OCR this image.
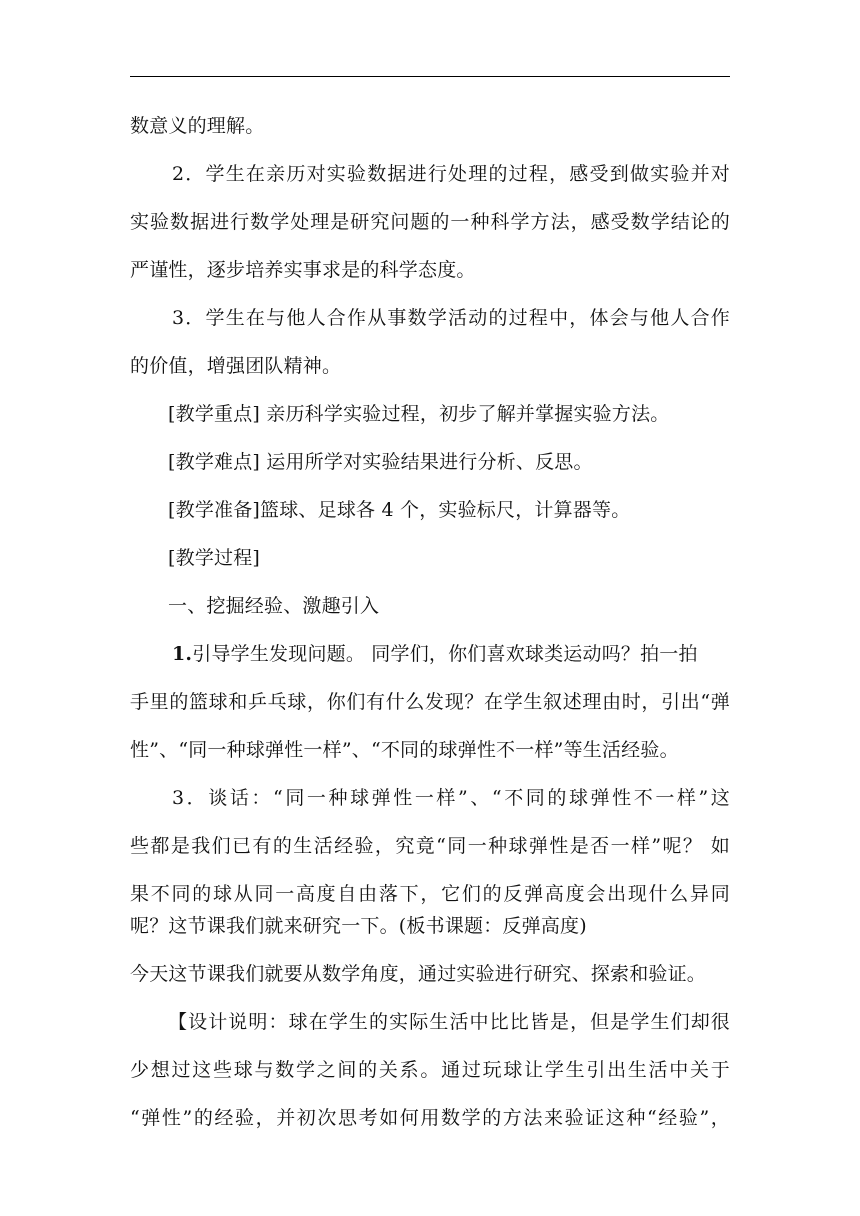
数意义的理解。
2．学生在亲历对实验数据进行处理的过程，感受到做实验并对
实验数据进行数学处理是研究问题的一种科学方法，感受数学结论的
严谨性，逐步培养实事求是的科学态度。
3．学生在与他人合作从事数学活动的过程中，体会与他人合作
的价值，增强团队精神。
[教学重点] 亲历科学实验过程，初步了解并掌握实验方法。
[教学难点] 运用所学对实验结果进行分析、反思。
[教学准备]篮球、足球各 4 个，实验标尺，计算器等。
[教学过程]
一、挖掘经验、激趣引入
1.引导学生发现问题。 同学们，你们喜欢球类运动吗？拍一拍
手里的篮球和乒乓球，你们有什么发现？在学生叙述理由时，引出“弹
性”、“同一种球弹性一样”、“不同的球弹性不一样”等生活经验。
3．谈话：“同一种球弹性一样”、“不同的球弹性不一样”这
些都是我们已有的生活经验，究竟“同一种球弹性是否一样”呢？ 如
果不同的球从同一高度自由落下，它们的反弹高度会出现什么异同
呢？这节课我们就来研究一下。(板书课题：反弹高度)
今天这节课我们就要从数学角度，通过实验进行研究、探索和验证。
【设计说明：球在学生的实际生活中比比皆是，但是学生们却很
少想过这些球与数学之间的关系。通过玩球让学生引出生活中关于
“弹性”的经验，并初次思考如何用数学的方法来验证这种“经验”，
